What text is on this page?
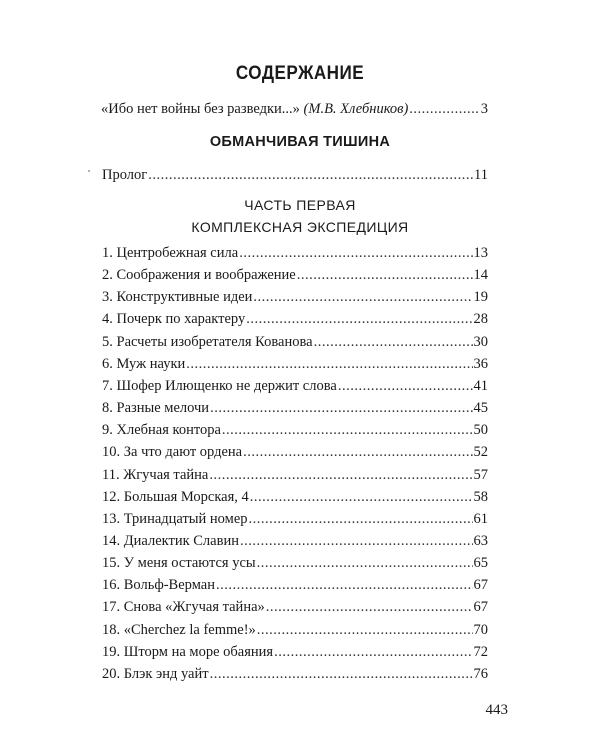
СОДЕРЖАНИЕ
«Ибо нет войны без разведки...» (М.В. Хлебников) .....	3
ОБМАНЧИВАЯ ТИШИНА
Пролог .....	11
ЧАСТЬ ПЕРВАЯ
КОМПЛЕКСНАЯ ЭКСПЕДИЦИЯ
1. Центробежная сила .....	13
2. Соображения и воображение .....	14
3. Конструктивные идеи .....	19
4. Почерк по характеру .....	28
5. Расчеты изобретателя Кованова .....	30
6. Муж науки .....	36
7. Шофер Илющенко не держит слова .....	41
8. Разные мелочи .....	45
9. Хлебная контора .....	50
10. За что дают ордена .....	52
11. Жгучая тайна .....	57
12. Большая Морская, 4 .....	58
13. Тринадцатый номер .....	61
14. Диалектик Славин .....	63
15. У меня остаются усы .....	65
16. Вольф-Верман .....	67
17. Снова «Жгучая тайна» .....	67
18. «Cherchez la femme!» .....	70
19. Шторм на море обаяния .....	72
20. Блэк энд уайт .....	76
443
